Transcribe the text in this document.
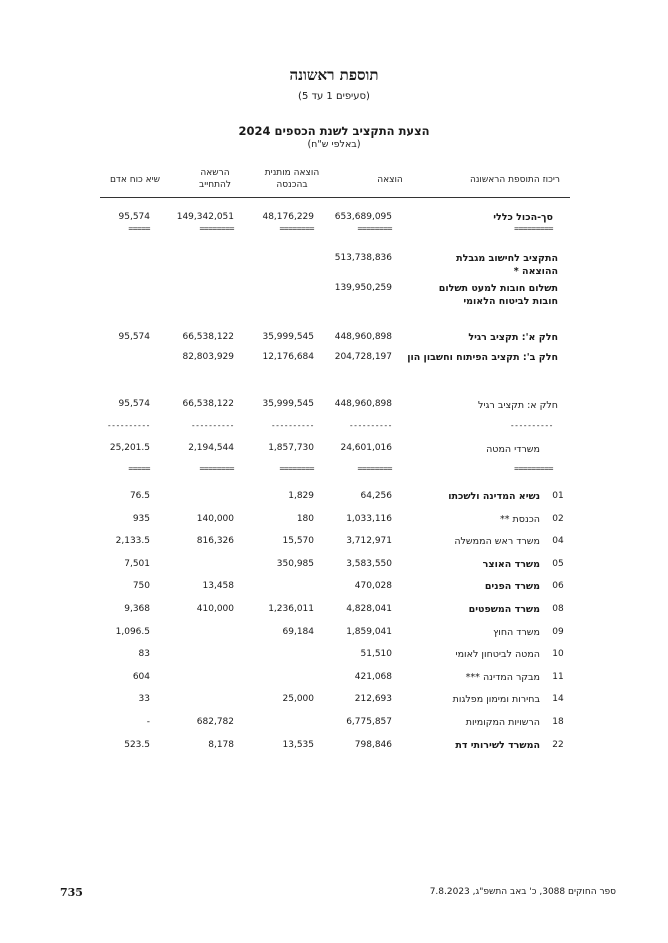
תוספת ראשונה
(סעיפים 1 עד 5)
הצעת התקציב לשנת הכספים 2024
(באלפי ש"ח)
ריכוז התוספת הראשונה
הוצאה
הוצאה מותנית
בהכנסה
הרשאה
להתחייב
שיא כוח אדם
סך-הכול כללי
653,689,095
48,176,229
149,342,051
95,574
=========
========
========
========
=====
התקציב לחישוב מגבלת
ההוצאה *
513,738,836
תשלום חובות למעט תשלום
חובות לביטוח הלאומי
139,950,259
חלק א': תקציב רגיל
448,960,898
35,999,545
66,538,122
95,574
חלק ב': תקציב הפיתוח וחשבון הון
204,728,197
12,176,684
82,803,929
חלק א: תקציב רגיל
448,960,898
35,999,545
66,538,122
95,574
----------
----------
----------
----------
----------
משרדי המטה
24,601,016
1,857,730
2,194,544
25,201.5
=========
========
========
========
=====
01
נשיא המדינה ולשכתו
64,256
1,829
76.5
02
הכנסת **
1,033,116
180
140,000
935
04
משרד ראש הממשלה
3,712,971
15,570
816,326
2,133.5
05
משרד האוצר
3,583,550
350,985
7,501
06
משרד הפנים
470,028
13,458
750
08
משרד המשפטים
4,828,041
1,236,011
410,000
9,368
09
משרד החוץ
1,859,041
69,184
1,096.5
10
המטה לביטחון לאומי
51,510
83
11
מבקר המדינה ***
421,068
604
14
בחירות ומימון מפלגות
212,693
25,000
33
18
הרשויות המקומיות
6,775,857
682,782
-
22
המשרד לשירותי דת
798,846
13,535
8,178
523.5
735	ספר החוקים 3088, כ' באב התשפ"ג, 7.8.2023
